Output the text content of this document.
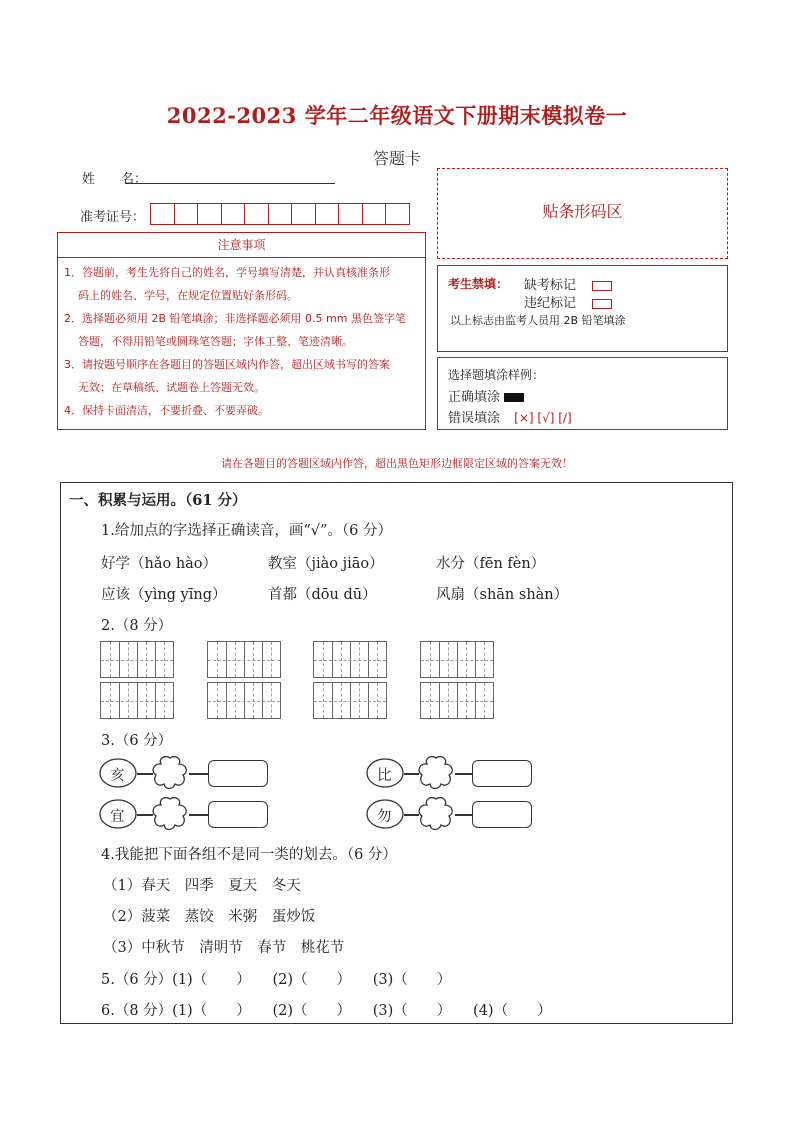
2022-2023 学年二年级语文下册期末模拟卷一
答题卡
姓　　名：
准考证号：	贴条形码区
注意事项
1．答题前，考生先将自己的姓名，学号填写清楚，并认真核准条形
码上的姓名、学号，在规定位置贴好条形码。
2．选择题必须用 2B 铅笔填涂；非选择题必须用 0.5 mm 黑色签字笔
答题，不得用铅笔或圆珠笔答题；字体工整、笔迹清晰。
3．请按题号顺序在各题目的答题区域内作答，超出区域书写的答案
无效；在草稿纸、试题卷上答题无效。
4．保持卡面清洁，不要折叠、不要弄破。
考生禁填： 缺考标记
违纪标记
以上标志由监考人员用 2B 铅笔填涂
选择题填涂样例：
正确填涂
错误填涂 [×] [√] [/]
请在各题目的答题区域内作答，超出黑色矩形边框限定区域的答案无效！
一、积累与运用。（61 分）
1.给加点的字选择正确读音，画“√”。（6 分）
好学（hǎo hào）	教室（jiào jiāo）	水分（fēn fèn）
应该（yìng yīng）	首都（dōu dū）	风扇（shān shàn）
2.（8 分）
3.（6 分）
亥
宜
比
勿
4.我能把下面各组不是同一类的划去。（6 分）
（1）春天　四季　夏天　冬天
（2）菠菜　蒸饺　米粥　蛋炒饭
（3）中秋节　清明节　春节　桃花节
5.（6 分）(1)（　　）　　(2)（　　）　　(3)（　　）
6.（8 分）(1)（　　）　　(2)（　　）　　(3)（　　）　　(4)（　　）
